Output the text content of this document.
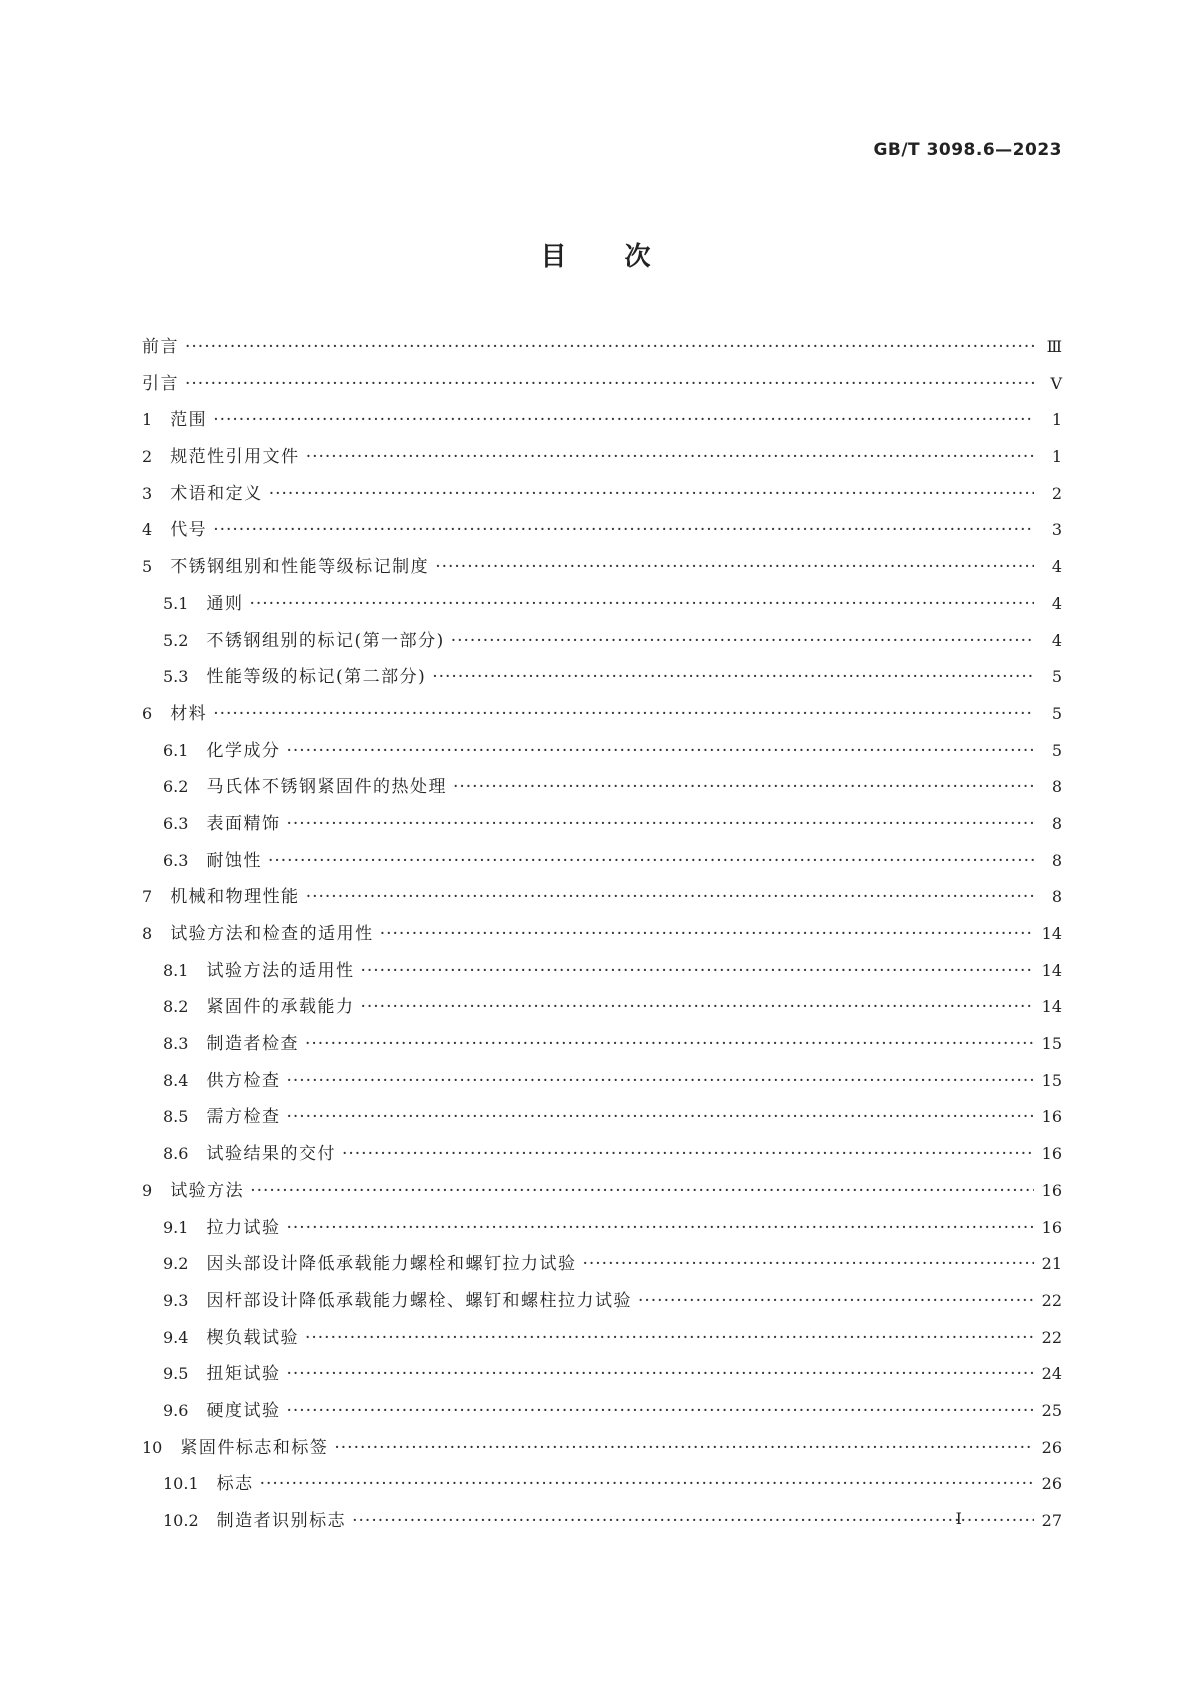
GB/T 3098.6—2023
目次
前言 ·····	Ⅲ
引言 ·····	Ⅴ
1 范围 ·····	1
2 规范性引用文件 ·····	1
3 术语和定义 ·····	2
4 代号 ·····	3
5 不锈钢组别和性能等级标记制度 ·····	4
5.1 通则 ·····	4
5.2 不锈钢组别的标记(第一部分) ·····	4
5.3 性能等级的标记(第二部分) ·····	5
6 材料 ·····	5
6.1 化学成分 ·····	5
6.2 马氏体不锈钢紧固件的热处理 ·····	8
6.3 表面精饰 ·····	8
6.3 耐蚀性 ·····	8
7 机械和物理性能 ·····	8
8 试验方法和检查的适用性 ·····	14
8.1 试验方法的适用性 ·····	14
8.2 紧固件的承载能力 ·····	14
8.3 制造者检查 ·····	15
8.4 供方检查 ·····	15
8.5 需方检查 ·····	16
8.6 试验结果的交付 ·····	16
9 试验方法 ·····	16
9.1 拉力试验 ·····	16
9.2 因头部设计降低承载能力螺栓和螺钉拉力试验 ·····	21
9.3 因杆部设计降低承载能力螺栓、螺钉和螺柱拉力试验 ·····	22
9.4 楔负载试验 ·····	22
9.5 扭矩试验 ·····	24
9.6 硬度试验 ·····	25
10 紧固件标志和标签 ·····	26
10.1 标志 ·····	26
10.2 制造者识别标志 ·····	27
I
